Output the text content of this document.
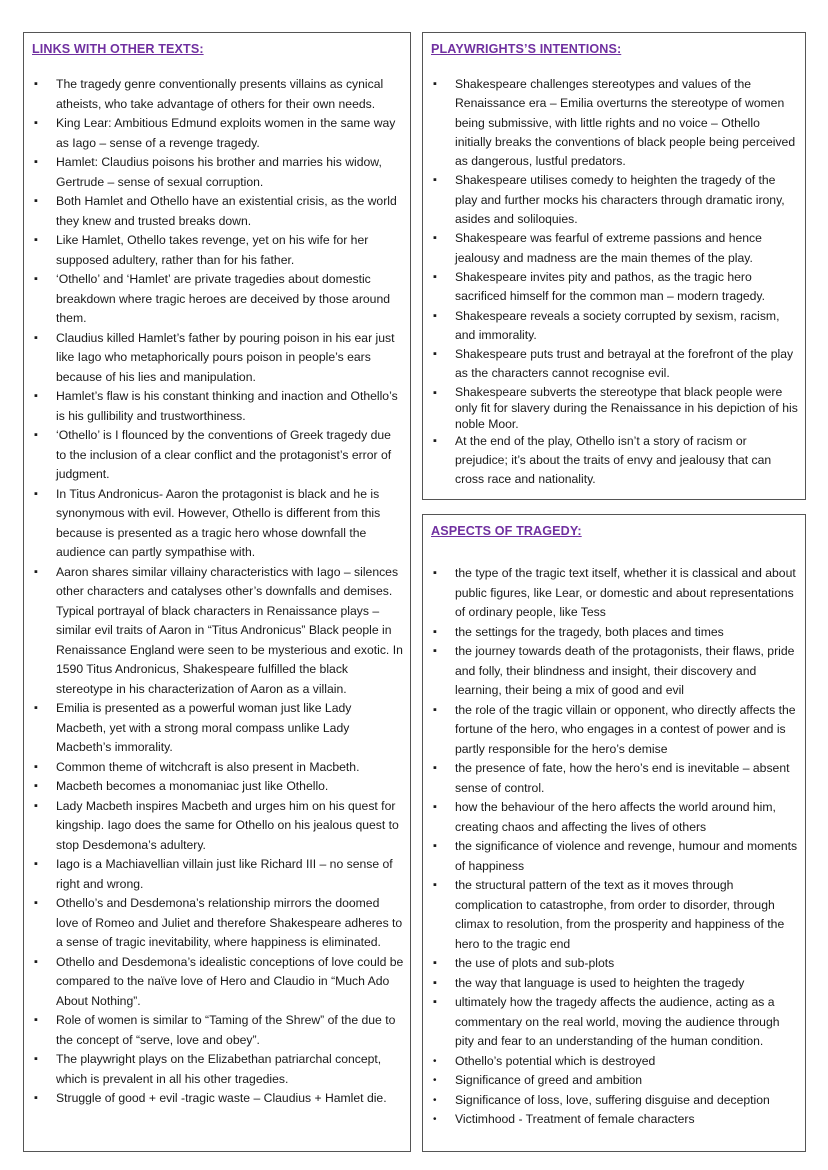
LINKS WITH OTHER TEXTS:
▪
The tragedy genre conventionally presents villains as cynical atheists, who take advantage of others for their own needs.
▪
King Lear: Ambitious Edmund exploits women in the same way as Iago – sense of a revenge tragedy.
▪
Hamlet: Claudius poisons his brother and marries his widow, Gertrude – sense of sexual corruption.
▪
Both Hamlet and Othello have an existential crisis, as the world they knew and trusted breaks down.
▪
Like Hamlet, Othello takes revenge, yet on his wife for her supposed adultery, rather than for his father.
▪
‘Othello’ and ‘Hamlet’ are private tragedies about domestic breakdown where tragic heroes are deceived by those around them.
▪
Claudius killed Hamlet’s father by pouring poison in his ear just like Iago who metaphorically pours poison in people’s ears because of his lies and manipulation.
▪
Hamlet’s flaw is his constant thinking and inaction and Othello’s is his gullibility and trustworthiness.
▪
‘Othello’ is I flounced by the conventions of Greek tragedy due to the inclusion of a clear conflict and the protagonist’s error of judgment.
▪
In Titus Andronicus- Aaron the protagonist is black and he is synonymous with evil. However, Othello is different from this because is presented as a tragic hero whose downfall the audience can partly sympathise with.
▪
Aaron shares similar villainy characteristics with Iago – silences other characters and catalyses other’s downfalls and demises. Typical portrayal of black characters in Renaissance plays – similar evil traits of Aaron in “Titus Andronicus” Black people in Renaissance England were seen to be mysterious and exotic. In 1590 Titus Andronicus, Shakespeare fulfilled the black stereotype in his characterization of Aaron as a villain.
▪
Emilia is presented as a powerful woman just like Lady Macbeth, yet with a strong moral compass unlike Lady Macbeth’s immorality.
▪
Common theme of witchcraft is also present in Macbeth.
▪
Macbeth becomes a monomaniac just like Othello.
▪
Lady Macbeth inspires Macbeth and urges him on his quest for kingship. Iago does the same for Othello on his jealous quest to stop Desdemona’s adultery.
▪
Iago is a Machiavellian villain just like Richard III – no sense of right and wrong.
▪
Othello’s and Desdemona’s relationship mirrors the doomed love of Romeo and Juliet and therefore Shakespeare adheres to a sense of tragic inevitability, where happiness is eliminated.
▪
Othello and Desdemona’s idealistic conceptions of love could be compared to the naïve love of Hero and Claudio in “Much Ado About Nothing”.
▪
Role of women is similar to “Taming of the Shrew” of the due to the concept of “serve, love and obey”.
▪
The playwright plays on the Elizabethan patriarchal concept, which is prevalent in all his other tragedies.
▪
Struggle of good + evil -tragic waste – Claudius + Hamlet die.
PLAYWRIGHTS’S INTENTIONS:
▪
Shakespeare challenges stereotypes and values of the Renaissance era – Emilia overturns the stereotype of women being submissive, with little rights and no voice – Othello initially breaks the conventions of black people being perceived as dangerous, lustful predators.
▪
Shakespeare utilises comedy to heighten the tragedy of the play and further mocks his characters through dramatic irony, asides and soliloquies.
▪
Shakespeare was fearful of extreme passions and hence jealousy and madness are the main themes of the play.
▪
Shakespeare invites pity and pathos, as the tragic hero sacrificed himself for the common man – modern tragedy.
▪
Shakespeare reveals a society corrupted by sexism, racism, and immorality.
▪
Shakespeare puts trust and betrayal at the forefront of the play as the characters cannot recognise evil.
▪
Shakespeare subverts the stereotype that black people were only fit for slavery during the Renaissance in his depiction of his noble Moor.
▪
At the end of the play, Othello isn’t a story of racism or prejudice; it’s about the traits of envy and jealousy that can cross race and nationality.
ASPECTS OF TRAGEDY:
▪
the type of the tragic text itself, whether it is classical and about public figures, like Lear, or domestic and about representations of ordinary people, like Tess
▪
the settings for the tragedy, both places and times
▪
the journey towards death of the protagonists, their flaws, pride and folly, their blindness and insight, their discovery and learning, their being a mix of good and evil
▪
the role of the tragic villain or opponent, who directly affects the fortune of the hero, who engages in a contest of power and is partly responsible for the hero’s demise
▪
the presence of fate, how the hero’s end is inevitable – absent sense of control.
▪
how the behaviour of the hero affects the world around him, creating chaos and affecting the lives of others
▪
the significance of violence and revenge, humour and moments of happiness
▪
the structural pattern of the text as it moves through complication to catastrophe, from order to disorder, through climax to resolution, from the prosperity and happiness of the hero to the tragic end
▪
the use of plots and sub-plots
▪
the way that language is used to heighten the tragedy
▪
ultimately how the tragedy affects the audience, acting as a commentary on the real world, moving the audience through pity and fear to an understanding of the human condition.
•
Othello’s potential which is destroyed
•
Significance of greed and ambition
•
Significance of loss, love, suffering disguise and deception
•
Victimhood - Treatment of female characters
